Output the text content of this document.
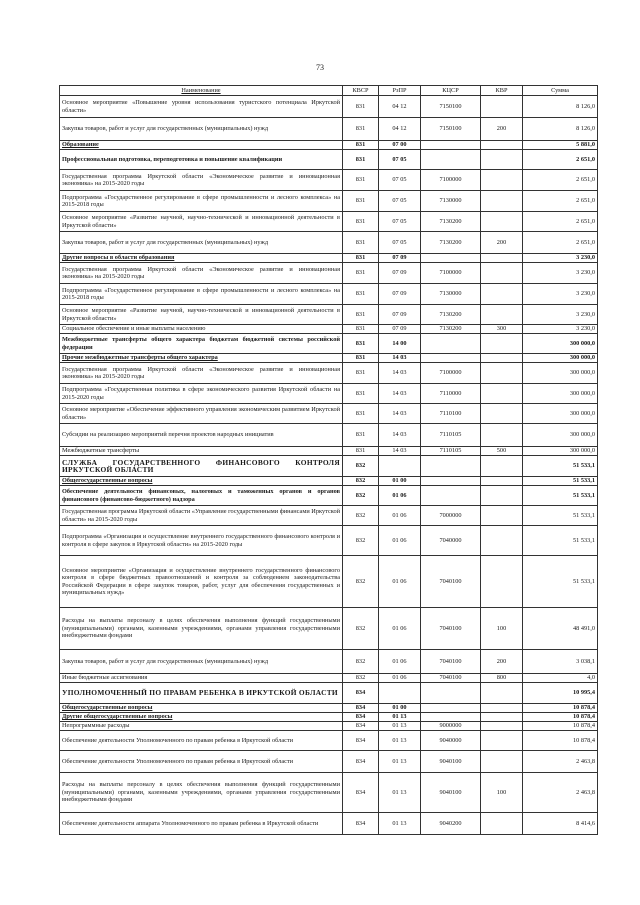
73
Наименование	КВСР	РзПР	КЦСР	КВР	Сумма
Основное мероприятие «Повышение уровня использования туристского потенциала Иркутской области»	831	04 12	7150100		8 126,0
Закупка товаров, работ и услуг для государственных (муниципальных) нужд	831	04 12	7150100	200	8 126,0
Образование	831	07 00			5 881,0
Профессиональная подготовка, переподготовка и повышение квалификации	831	07 05			2 651,0
Государственная программа Иркутской области «Экономическое развитие и инновационная экономика» на 2015-2020 годы	831	07 05	7100000		2 651,0
Подпрограмма «Государственное регулирование в сфере промышленности и лесного комплекса» на 2015-2018 годы	831	07 05	7130000		2 651,0
Основное мероприятие «Развитие научной, научно-технической и инновационной деятельности в Иркутской области»	831	07 05	7130200		2 651,0
Закупка товаров, работ и услуг для государственных (муниципальных) нужд	831	07 05	7130200	200	2 651,0
Другие вопросы в области образования	831	07 09			3 230,0
Государственная программа Иркутской области «Экономическое развитие и инновационная экономика» на 2015-2020 годы	831	07 09	7100000		3 230,0
Подпрограмма «Государственное регулирование в сфере промышленности и лесного комплекса» на 2015-2018 годы	831	07 09	7130000		3 230,0
Основное мероприятие «Развитие научной, научно-технической и инновационной деятельности в Иркутской области»	831	07 09	7130200		3 230,0
Социальное обеспечение и иные выплаты населению	831	07 09	7130200	300	3 230,0
Межбюджетные трансферты общего характера бюджетам бюджетной системы российской федерации	831	14 00			300 000,0
Прочие межбюджетные трансферты общего характера	831	14 03			300 000,0
Государственная программа Иркутской области «Экономическое развитие и инновационная экономика» на 2015-2020 годы	831	14 03	7100000		300 000,0
Подпрограмма «Государственная политика в сфере экономического развития Иркутской области на 2015-2020 годы	831	14 03	7110000		300 000,0
Основное мероприятие «Обеспечение эффективного управления экономическим развитием Иркутской области»	831	14 03	7110100		300 000,0
Субсидии на реализацию мероприятий перечня проектов народных инициатив	831	14 03	7110105		300 000,0
Межбюджетные трансферты	831	14 03	7110105	500	300 000,0
СЛУЖБА ГОСУДАРСТВЕННОГО ФИНАНСОВОГО КОНТРОЛЯ ИРКУТСКОЙ ОБЛАСТИ	832				51 533,1
Общегосударственные вопросы	832	01 00			51 533,1
Обеспечение деятельности финансовых, налоговых и таможенных органов и органов финансового (финансово-бюджетного) надзора	832	01 06			51 533,1
Государственная программа Иркутской области «Управление государственными финансами Иркутской области» на 2015-2020 годы	832	01 06	7000000		51 533,1
Подпрограмма «Организация и осуществление внутреннего государственного финансового контроля и контроля в сфере закупок в Иркутской области» на 2015-2020 годы	832	01 06	7040000		51 533,1
Основное мероприятие «Организация и осуществление внутреннего государственного финансового контроля в сфере бюджетных правоотношений и контроля за соблюдением законодательства Российской Федерации в сфере закупок товаров, работ, услуг для обеспечения государственных и муниципальных нужд»	832	01 06	7040100		51 533,1
Расходы на выплаты персоналу в целях обеспечения выполнения функций государственными (муниципальными) органами, казенными учреждениями, органами управления государственными внебюджетными фондами	832	01 06	7040100	100	48 491,0
Закупка товаров, работ и услуг для государственных (муниципальных) нужд	832	01 06	7040100	200	3 038,1
Иные бюджетные ассигнования	832	01 06	7040100	800	4,0
УПОЛНОМОЧЕННЫЙ ПО ПРАВАМ РЕБЕНКА В ИРКУТСКОЙ ОБЛАСТИ	834				10 995,4
Общегосударственные вопросы	834	01 00			10 878,4
Другие общегосударственные вопросы	834	01 13			10 878,4
Непрограммные расходы	834	01 13	9000000		10 878,4
Обеспечение деятельности Уполномоченного по правам ребенка в Иркутской области	834	01 13	9040000		10 878,4
Обеспечение деятельности Уполномоченного по правам ребенка в Иркутской области	834	01 13	9040100		2 463,8
Расходы на выплаты персоналу в целях обеспечения выполнения функций государственными (муниципальными) органами, казенными учреждениями, органами управления государственными внебюджетными фондами	834	01 13	9040100	100	2 463,8
Обеспечение деятельности аппарата Уполномоченного по правам ребенка в Иркутской области	834	01 13	9040200		8 414,6
